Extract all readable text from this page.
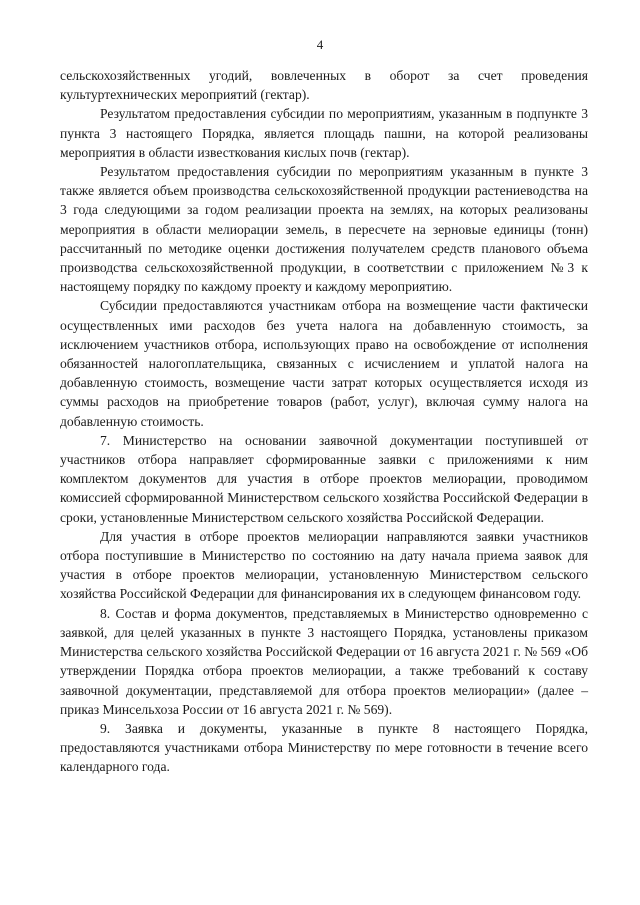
4

сельскохозяйственных угодий, вовлеченных в оборот за счет проведения культуртехнических мероприятий (гектар).

Результатом предоставления субсидии по мероприятиям, указанным в подпункте 3 пункта 3 настоящего Порядка, является площадь пашни, на которой реализованы мероприятия в области известкования кислых почв (гектар).

Результатом предоставления субсидии по мероприятиям указанным в пункте 3 также является объем производства сельскохозяйственной продукции растениеводства на 3 года следующими за годом реализации проекта на землях, на которых реализованы мероприятия в области мелиорации земель, в пересчете на зерновые единицы (тонн) рассчитанный по методике оценки достижения получателем средств планового объема производства сельскохозяйственной продукции, в соответствии с приложением №3 к настоящему порядку по каждому проекту и каждому мероприятию.

Субсидии предоставляются участникам отбора на возмещение части фактически осуществленных ими расходов без учета налога на добавленную стоимость, за исключением участников отбора, использующих право на освобождение от исполнения обязанностей налогоплательщика, связанных с исчислением и уплатой налога на добавленную стоимость, возмещение части затрат которых осуществляется исходя из суммы расходов на приобретение товаров (работ, услуг), включая сумму налога на добавленную стоимость.

7. Министерство на основании заявочной документации поступившей от участников отбора направляет сформированные заявки с приложениями к ним комплектом документов для участия в отборе проектов мелиорации, проводимом комиссией сформированной Министерством сельского хозяйства Российской Федерации в сроки, установленные Министерством сельского хозяйства Российской Федерации.

Для участия в отборе проектов мелиорации направляются заявки участников отбора поступившие в Министерство по состоянию на дату начала приема заявок для участия в отборе проектов мелиорации, установленную Министерством сельского хозяйства Российской Федерации для финансирования их в следующем финансовом году.

8. Состав и форма документов, представляемых в Министерство одновременно с заявкой, для целей указанных в пункте 3 настоящего Порядка, установлены приказом Министерства сельского хозяйства Российской Федерации от 16 августа 2021 г. № 569 «Об утверждении Порядка отбора проектов мелиорации, а также требований к составу заявочной документации, представляемой для отбора проектов мелиорации» (далее – приказ Минсельхоза России от 16 августа 2021 г. № 569).

9. Заявка и документы, указанные в пункте 8 настоящего Порядка, предоставляются участниками отбора Министерству по мере готовности в течение всего календарного года.
